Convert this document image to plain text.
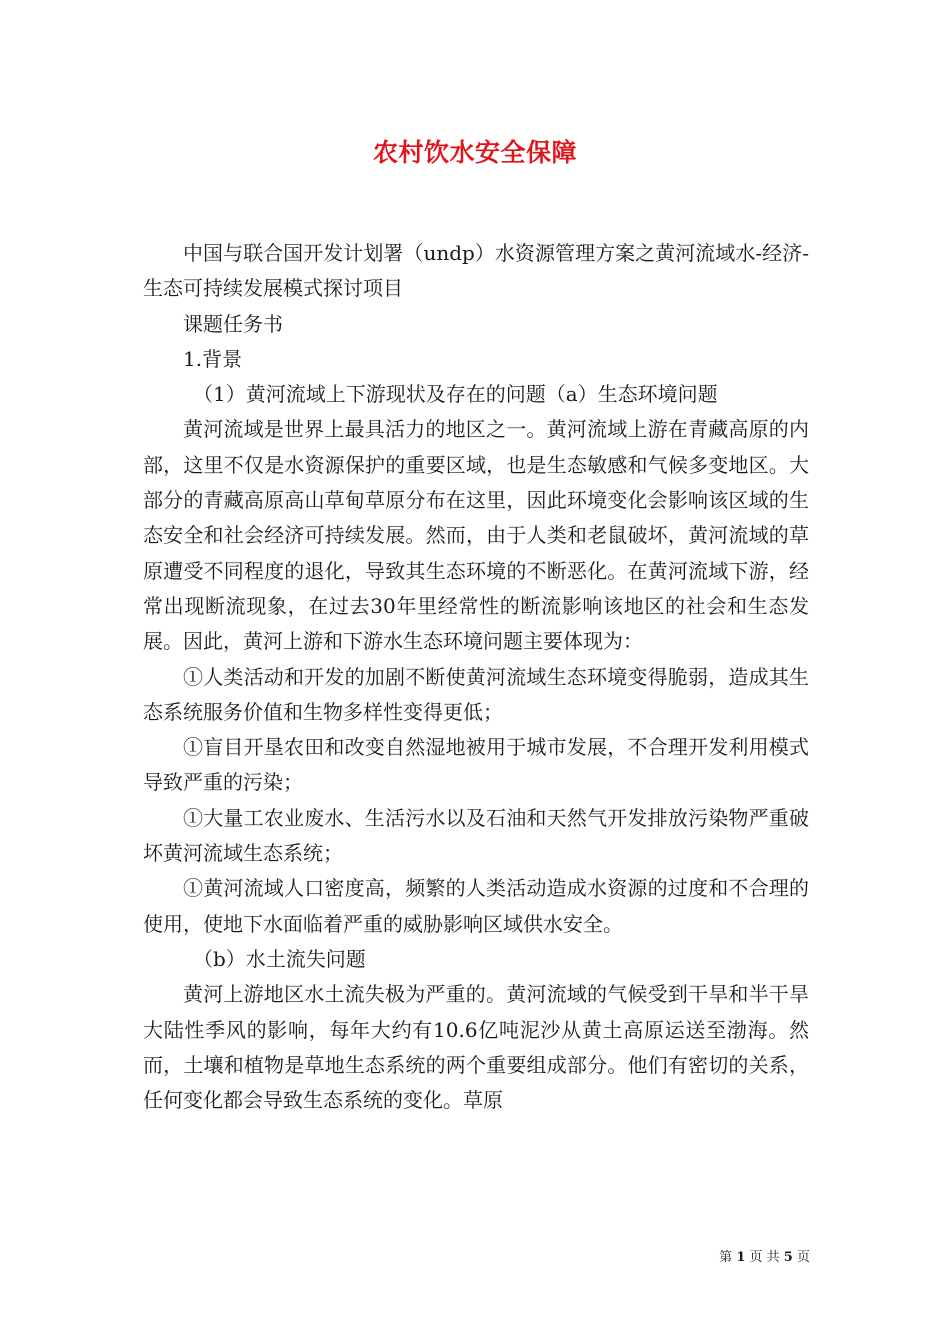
农村饮水安全保障

中国与联合国开发计划署（undp）水资源管理方案之黄河流域水-经济-生态可持续发展模式探讨项目

课题任务书

1.背景

（1）黄河流域上下游现状及存在的问题（a）生态环境问题

黄河流域是世界上最具活力的地区之一。黄河流域上游在青藏高原的内部，这里不仅是水资源保护的重要区域，也是生态敏感和气候多变地区。大部分的青藏高原高山草甸草原分布在这里，因此环境变化会影响该区域的生态安全和社会经济可持续发展。然而，由于人类和老鼠破坏，黄河流域的草原遭受不同程度的退化，导致其生态环境的不断恶化。在黄河流域下游，经常出现断流现象，在过去30年里经常性的断流影响该地区的社会和生态发展。因此，黄河上游和下游水生态环境问题主要体现为：

➀人类活动和开发的加剧不断使黄河流域生态环境变得脆弱，造成其生态系统服务价值和生物多样性变得更低；

➀盲目开垦农田和改变自然湿地被用于城市发展，不合理开发利用模式导致严重的污染；

➀大量工农业废水、生活污水以及石油和天然气开发排放污染物严重破坏黄河流域生态系统；

➀黄河流域人口密度高，频繁的人类活动造成水资源的过度和不合理的使用，使地下水面临着严重的威胁影响区域供水安全。

（b）水土流失问题

黄河上游地区水土流失极为严重的。黄河流域的气候受到干旱和半干旱大陆性季风的影响，每年大约有10.6亿吨泥沙从黄土高原运送至渤海。然而，土壤和植物是草地生态系统的两个重要组成部分。他们有密切的关系，任何变化都会导致生态系统的变化。草原

第 1 页 共 5 页
